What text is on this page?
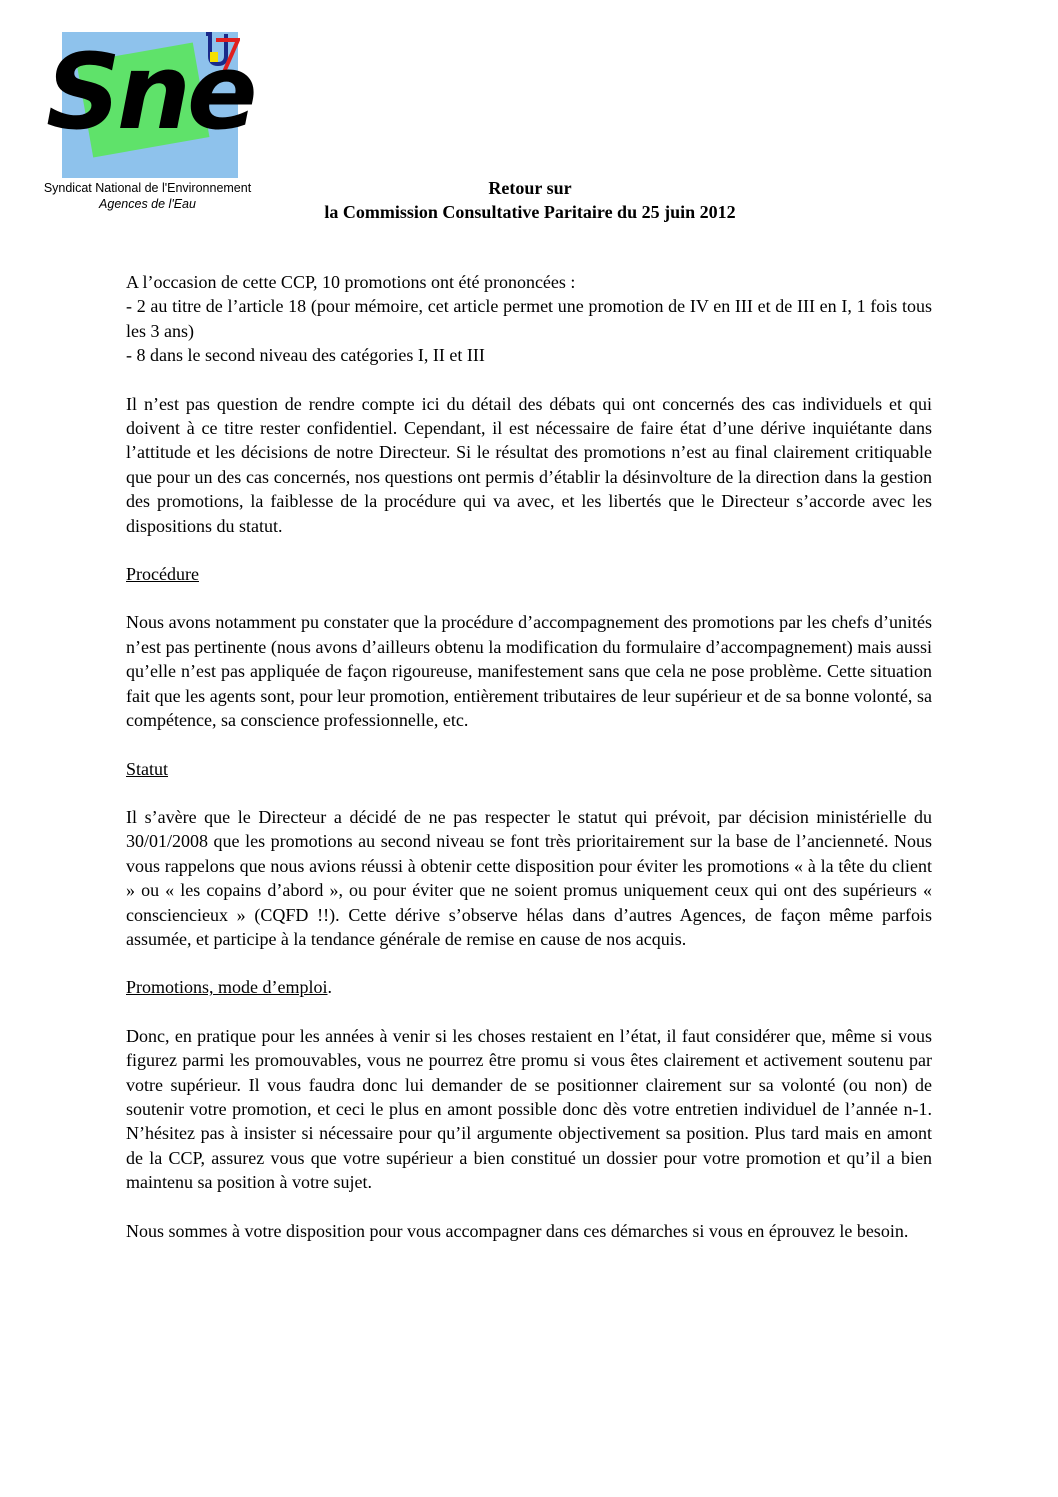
Sne
Syndicat National de l'Environnement
Agences de l'Eau
Retour sur
la Commission Consultative Paritaire du 25 juin 2012

A l’occasion de cette CCP, 10 promotions ont été prononcées :

- 2 au titre de l’article 18 (pour mémoire, cet article permet une promotion de IV en III et de III en I, 1 fois tous les 3 ans)

- 8 dans le second niveau des catégories I, II et III

Il n’est pas question de rendre compte ici du détail des débats qui ont concernés des cas individuels et qui doivent à ce titre rester confidentiel. Cependant, il est nécessaire de faire état d’une dérive inquiétante dans l’attitude et les décisions de notre Directeur. Si le résultat des promotions n’est au final clairement critiquable que pour un des cas concernés, nos questions ont permis d’établir la désinvolture de la direction dans la gestion des promotions, la faiblesse de la procédure qui va avec, et les libertés que le Directeur s’accorde avec les dispositions du statut.

Procédure

Nous avons notamment pu constater que la procédure d’accompagnement des promotions par les chefs d’unités n’est pas pertinente (nous avons d’ailleurs obtenu la modification du formulaire d’accompagnement) mais aussi qu’elle n’est pas appliquée de façon rigoureuse, manifestement sans que cela ne pose problème. Cette situation fait que les agents sont, pour leur promotion, entièrement tributaires de leur supérieur et de sa bonne volonté, sa compétence, sa conscience professionnelle, etc.

Statut

Il s’avère que le Directeur a décidé de ne pas respecter le statut qui prévoit, par décision ministérielle du 30/01/2008 que les promotions au second niveau se font très prioritairement sur la base de l’ancienneté. Nous vous rappelons que nous avions réussi à obtenir cette disposition pour éviter les promotions « à la tête du client » ou « les copains d’abord », ou pour éviter que ne soient promus uniquement ceux qui ont des supérieurs « consciencieux » (CQFD !!). Cette dérive s’observe hélas dans d’autres Agences, de façon même parfois assumée, et participe à la tendance générale de remise en cause de nos acquis.

Promotions, mode d’emploi.

Donc, en pratique pour les années à venir si les choses restaient en l’état, il faut considérer que, même si vous figurez parmi les promouvables, vous ne pourrez être promu si vous êtes clairement et activement soutenu par votre supérieur. Il vous faudra donc lui demander de se positionner clairement sur sa volonté (ou non) de soutenir votre promotion, et ceci le plus en amont possible donc dès votre entretien individuel de l’année n-1. N’hésitez pas à insister si nécessaire pour qu’il argumente objectivement sa position. Plus tard mais en amont de la CCP, assurez vous que votre supérieur a bien constitué un dossier pour votre promotion et qu’il a bien maintenu sa position à votre sujet.

Nous sommes à votre disposition pour vous accompagner dans ces démarches si vous en éprouvez le besoin.
